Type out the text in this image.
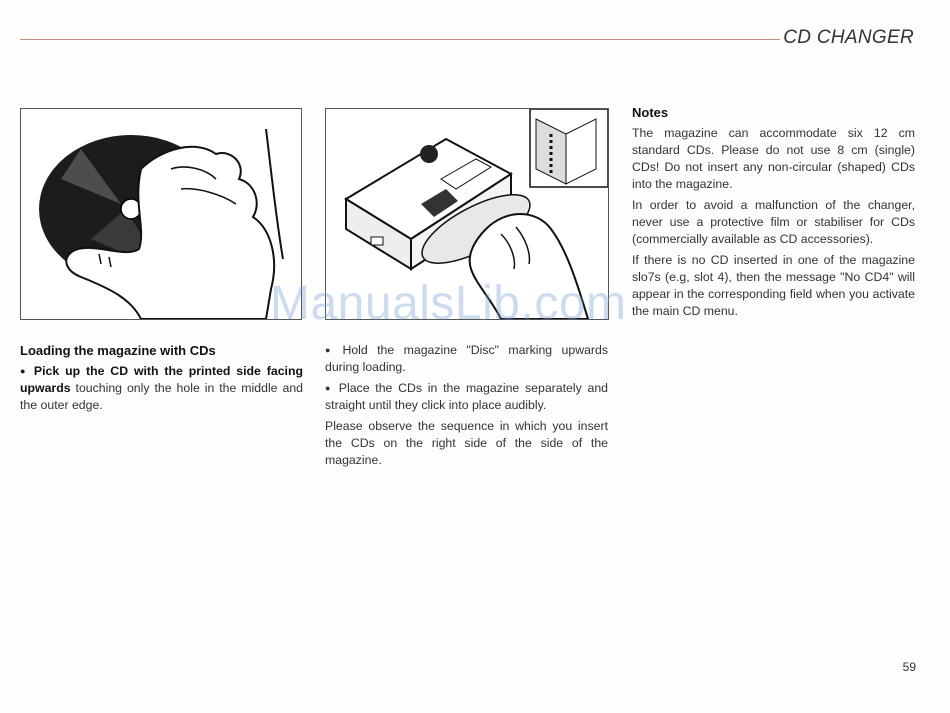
CD CHANGER

Loading the magazine with CDs

● Pick up the CD with the printed side facing upwards touching only the hole in the middle and the outer edge.

● Hold the magazine "Disc" marking upwards during loading.

● Place the CDs in the magazine separately and straight until they click into place audibly.

Please observe the sequence in which you insert the CDs on the right side of the side of the magazine.

Notes

The magazine can accommodate six 12 cm standard CDs. Please do not use 8 cm (single) CDs! Do not insert any non-circular (shaped) CDs into the magazine.

In order to avoid a malfunction of the changer, never use a protective film or stabiliser for CDs (commercially available as CD accessories).

If there is no CD inserted in one of the magazine slo7s (e.g, slot 4), then the message "No CD4" will appear in the corresponding field when you activate the main CD menu.

ManualsLib.com
59
